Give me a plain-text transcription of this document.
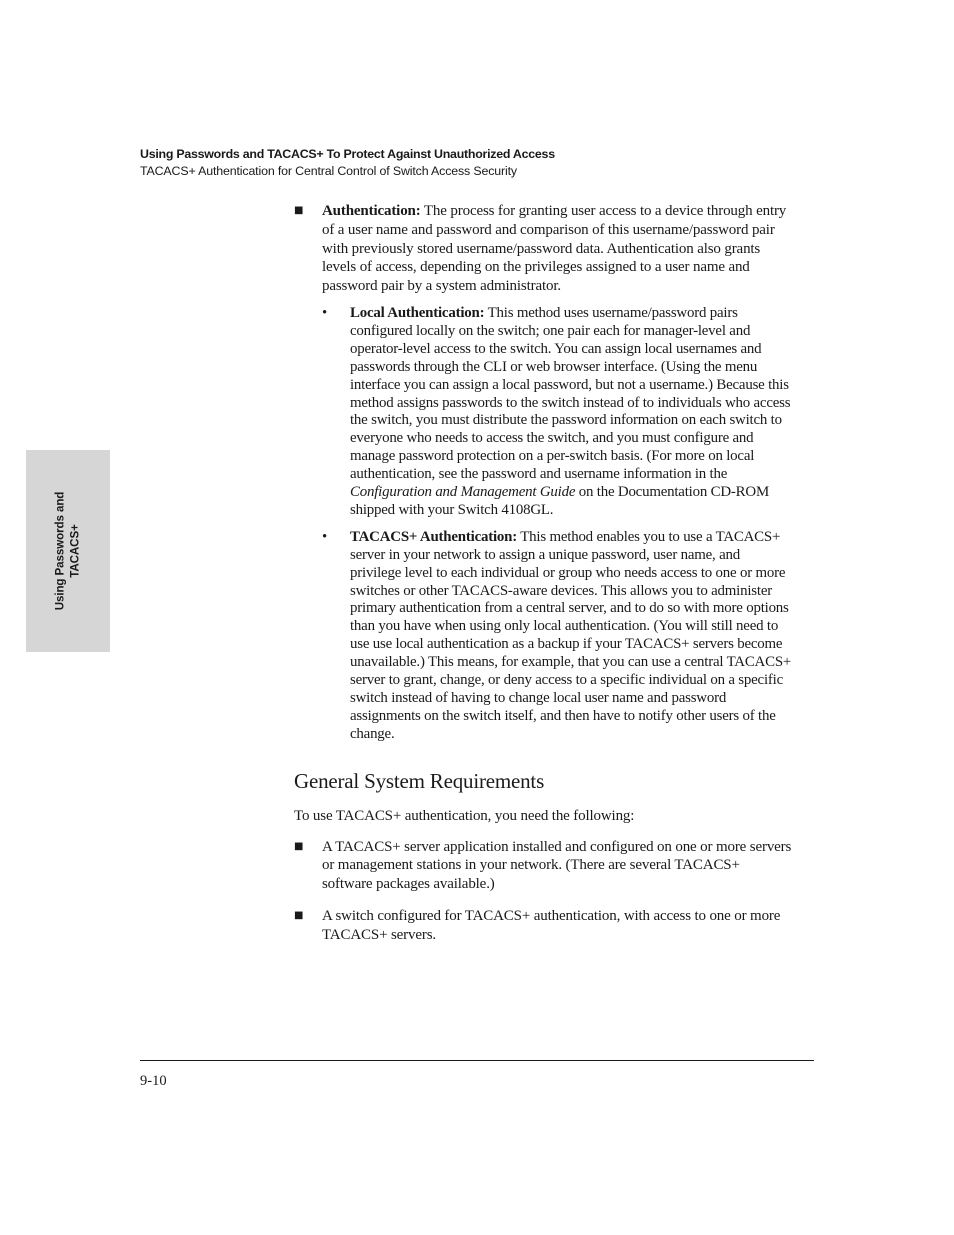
Using Passwords and TACACS+ To Protect Against Unauthorized Access
TACACS+ Authentication for Central Control of Switch Access Security
Using Passwords and TACACS+
■ Authentication: The process for granting user access to a device through entry of a user name and password and comparison of this username/password pair with previously stored username/password data. Authentication also grants levels of access, depending on the privileges assigned to a user name and password pair by a system administrator.
• Local Authentication: This method uses username/password pairs configured locally on the switch; one pair each for manager-level and operator-level access to the switch. You can assign local usernames and passwords through the CLI or web browser interface. (Using the menu interface you can assign a local password, but not a username.) Because this method assigns passwords to the switch instead of to individuals who access the switch, you must distribute the password information on each switch to everyone who needs to access the switch, and you must configure and manage password protection on a per-switch basis. (For more on local authentication, see the password and username information in the Configuration and Management Guide on the Documentation CD-ROM shipped with your Switch 4108GL.
• TACACS+ Authentication: This method enables you to use a TACACS+ server in your network to assign a unique password, user name, and privilege level to each individual or group who needs access to one or more switches or other TACACS-aware devices. This allows you to administer primary authentication from a central server, and to do so with more options than you have when using only local authentication. (You will still need to use use local authentication as a backup if your TACACS+ servers become unavailable.) This means, for example, that you can use a central TACACS+ server to grant, change, or deny access to a specific individual on a specific switch instead of having to change local user name and password assignments on the switch itself, and then have to notify other users of the change.
General System Requirements
To use TACACS+ authentication, you need the following:
■ A TACACS+ server application installed and configured on one or more servers or management stations in your network. (There are several TACACS+ software packages available.)
■ A switch configured for TACACS+ authentication, with access to one or more TACACS+ servers.
9-10
